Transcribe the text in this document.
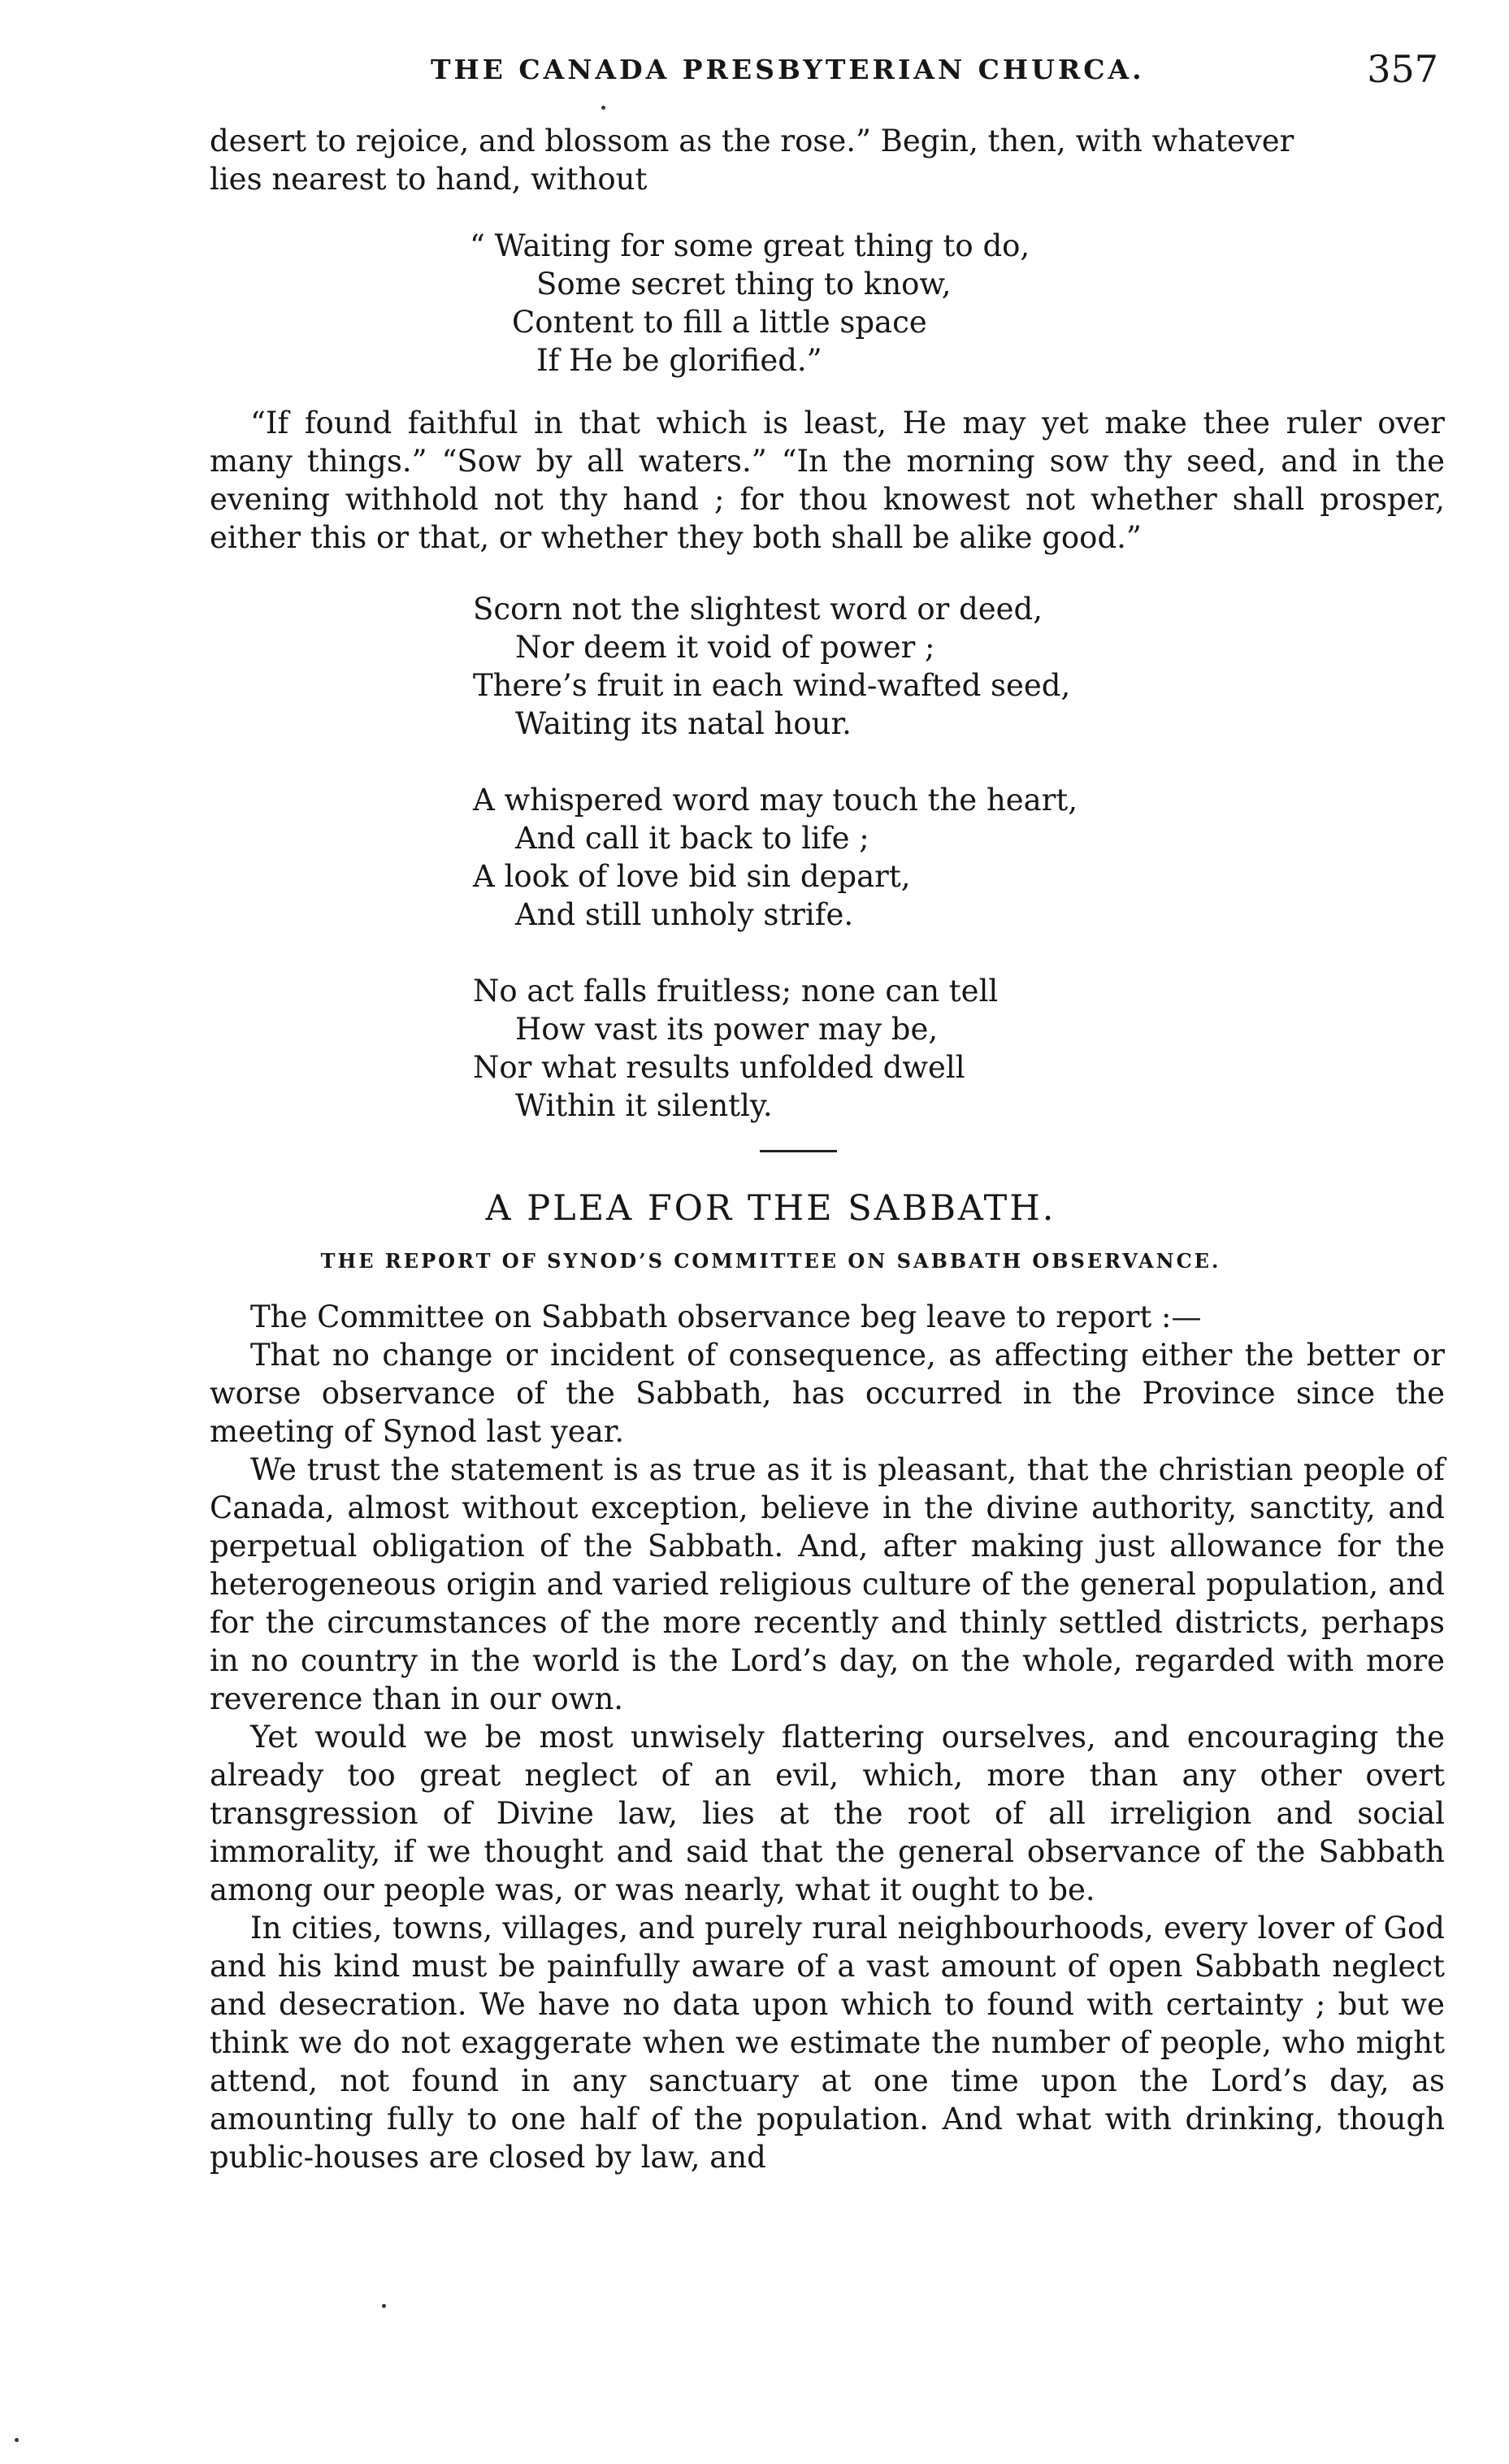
THE CANADA PRESBYTERIAN CHURCA.	357
desert to rejoice, and blossom as the rose.” Begin, then, with whatever
lies nearest to hand, without
“ Waiting for some great thing to do,
Some secret thing to know,
Content to fill a little space
If He be glorified.”

“If found faithful in that which is least, He may yet make thee ruler over many things.” “Sow by all waters.” “In the morning sow thy seed, and in the evening withhold not thy hand ; for thou knowest not whether shall prosper, either this or that, or whether they both shall be alike good.”

Scorn not the slightest word or deed,
Nor deem it void of power ;
There’s fruit in each wind-wafted seed,
Waiting its natal hour.
A whispered word may touch the heart,
And call it back to life ;
A look of love bid sin depart,
And still unholy strife.
No act falls fruitless; none can tell
How vast its power may be,
Nor what results unfolded dwell
Within it silently.
A PLEA FOR THE SABBATH.
THE REPORT OF SYNOD’S COMMITTEE ON SABBATH OBSERVANCE.

The Committee on Sabbath observance beg leave to report :—

That no change or incident of consequence, as affecting either the better or worse observance of the Sabbath, has occurred in the Province since the meeting of Synod last year.

We trust the statement is as true as it is pleasant, that the christian people of Canada, almost without exception, believe in the divine authority, sanctity, and perpetual obligation of the Sabbath. And, after making just allowance for the heterogeneous origin and varied religious culture of the general population, and for the circumstances of the more recently and thinly settled districts, perhaps in no country in the world is the Lord’s day, on the whole, regarded with more reverence than in our own.

Yet would we be most unwisely flattering ourselves, and encouraging the already too great neglect of an evil, which, more than any other overt transgression of Divine law, lies at the root of all irreligion and social immorality, if we thought and said that the general observance of the Sabbath among our people was, or was nearly, what it ought to be.

In cities, towns, villages, and purely rural neighbourhoods, every lover of God and his kind must be painfully aware of a vast amount of open Sabbath neglect and desecration. We have no data upon which to found with certainty ; but we think we do not exaggerate when we estimate the number of people, who might attend, not found in any sanctuary at one time upon the Lord’s day, as amounting fully to one half of the population. And what with drinking, though public-houses are closed by law, and
